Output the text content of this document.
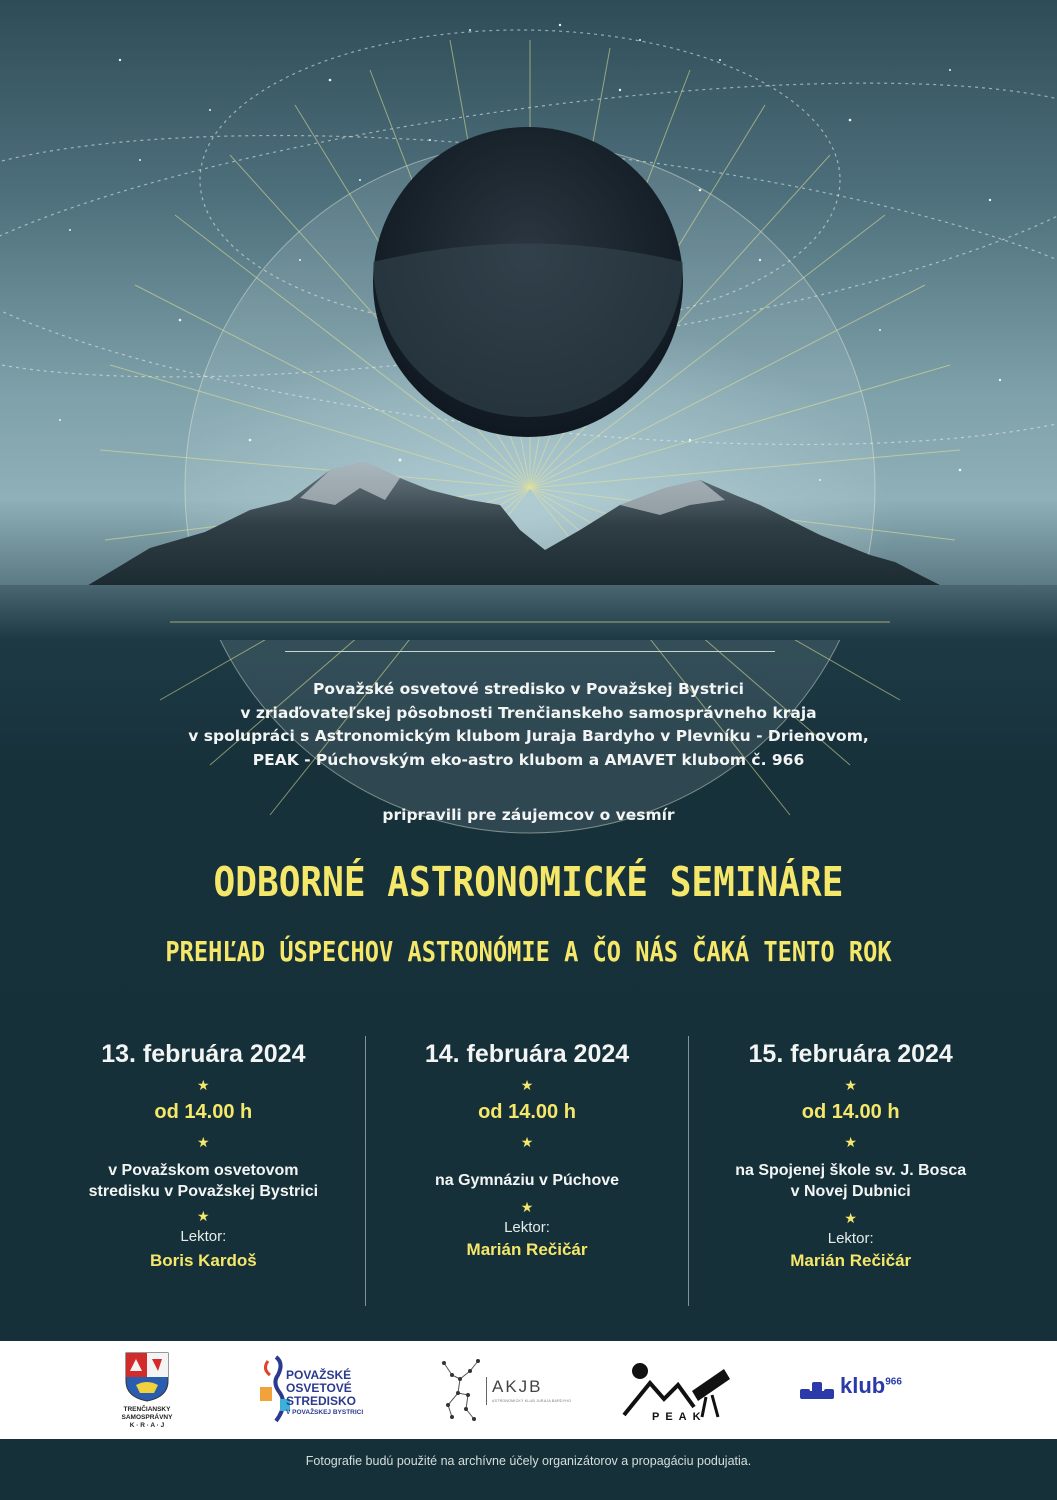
Považské osvetové stredisko v Považskej Bystrici
v zriaďovateľskej pôsobnosti Trenčianskeho samosprávneho kraja
v spolupráci s Astronomickým klubom Juraja Bardyho v Plevníku - Drienovom,
PEAK - Púchovským eko-astro klubom a AMAVET klubom č. 966
pripravili pre záujemcov o vesmír
ODBORNÉ ASTRONOMICKÉ SEMINÁRE
PREHĽAD ÚSPECHOV ASTRONÓMIE A ČO NÁS ČAKÁ TENTO ROK
13. februára 2024
★
od 14.00 h
★
v Považskom osvetovom
stredisku v Považskej Bystrici
★
Lektor:
Boris Kardoš
14. februára 2024
★
od 14.00 h
★
na Gymnáziu v Púchove
★
Lektor:
Marián Rečičár
15. februára 2024
★
od 14.00 h
★
na Spojenej škole sv. J. Bosca
v Novej Dubnici
★
Lektor:
Marián Rečičár
TRENČIANSKY
SAMOSPRÁVNY
K · R · A · J
POVAŽSKÉ
OSVETOVÉ
STREDISKO
V POVAŽSKEJ BYSTRICI
AKJB
ASTRONOMICKÝ KLUB JURAJA BARDYHO
PEAK
klub$^{966}$
Fotografie budú použité na archívne účely organizátorov a propagáciu podujatia.
